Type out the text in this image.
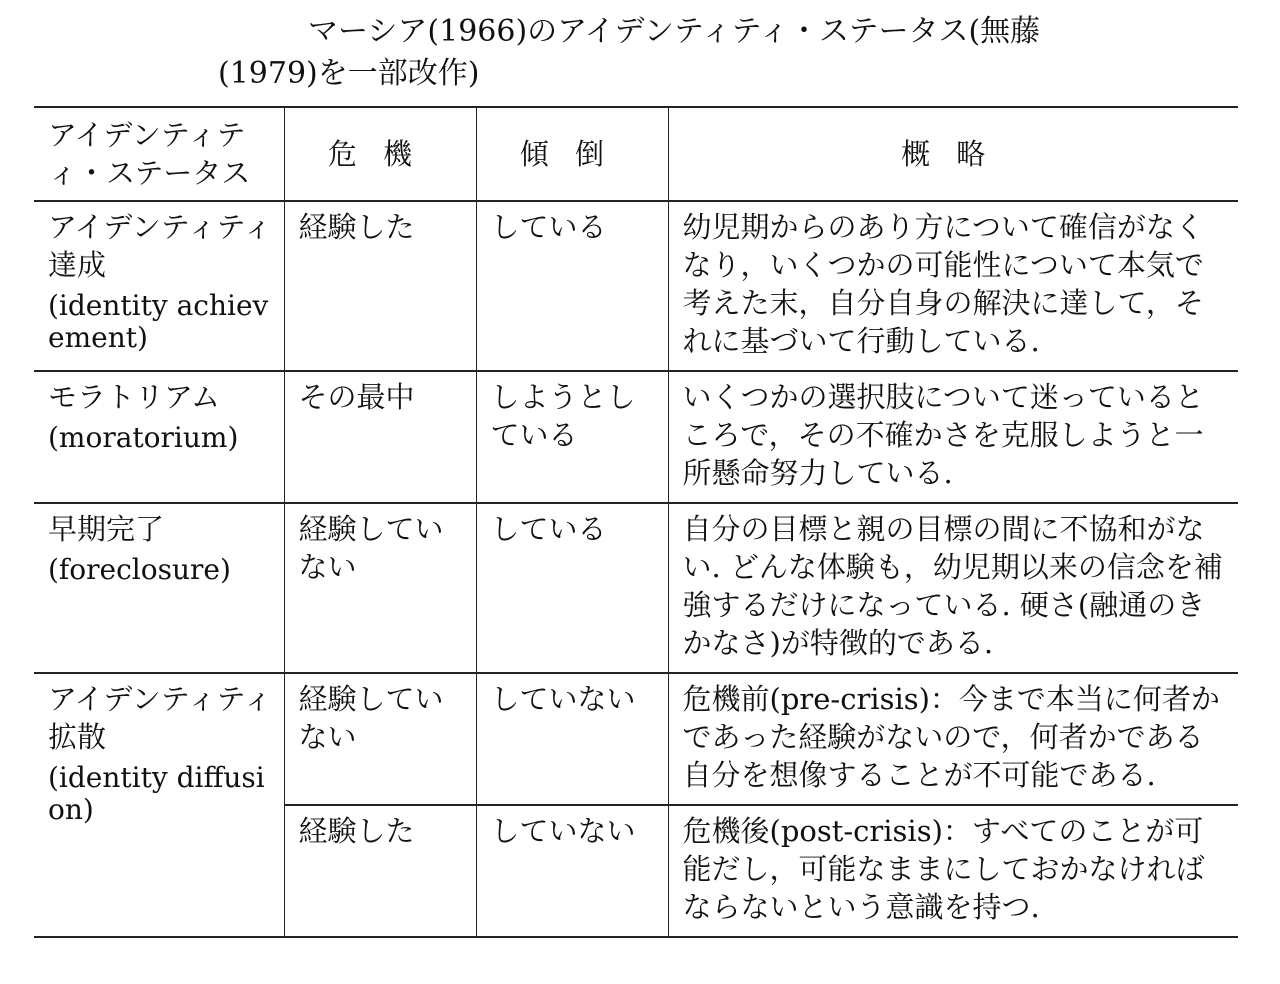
マーシア(1966)のアイデンティティ・ステータス(無藤
(1979)を一部改作)
アイデンティティ・ステータス	危機	傾倒	概略

アイデンティティ達成
(identity achievement)	経験した	している	幼児期からのあり方について確信がなくなり，いくつかの可能性について本気で考えた末，自分自身の解決に達して，それに基づいて行動している.

モラトリアム
(moratorium)	その最中	しようとしている	いくつかの選択肢について迷っているところで，その不確かさを克服しようと一所懸命努力している.

早期完了
(foreclosure)	経験していない	している	自分の目標と親の目標の間に不協和がない. どんな体験も，幼児期以来の信念を補強するだけになっている. 硬さ(融通のきかなさ)が特徴的である.

アイデンティティ拡散
(identity diffusion)	経験していない	していない	危機前(pre-crisis)：今まで本当に何者かであった経験がないので，何者かである自分を想像することが不可能である.
	経験した	していない	危機後(post-crisis)：すべてのことが可能だし，可能なままにしておかなければならないという意識を持つ.
